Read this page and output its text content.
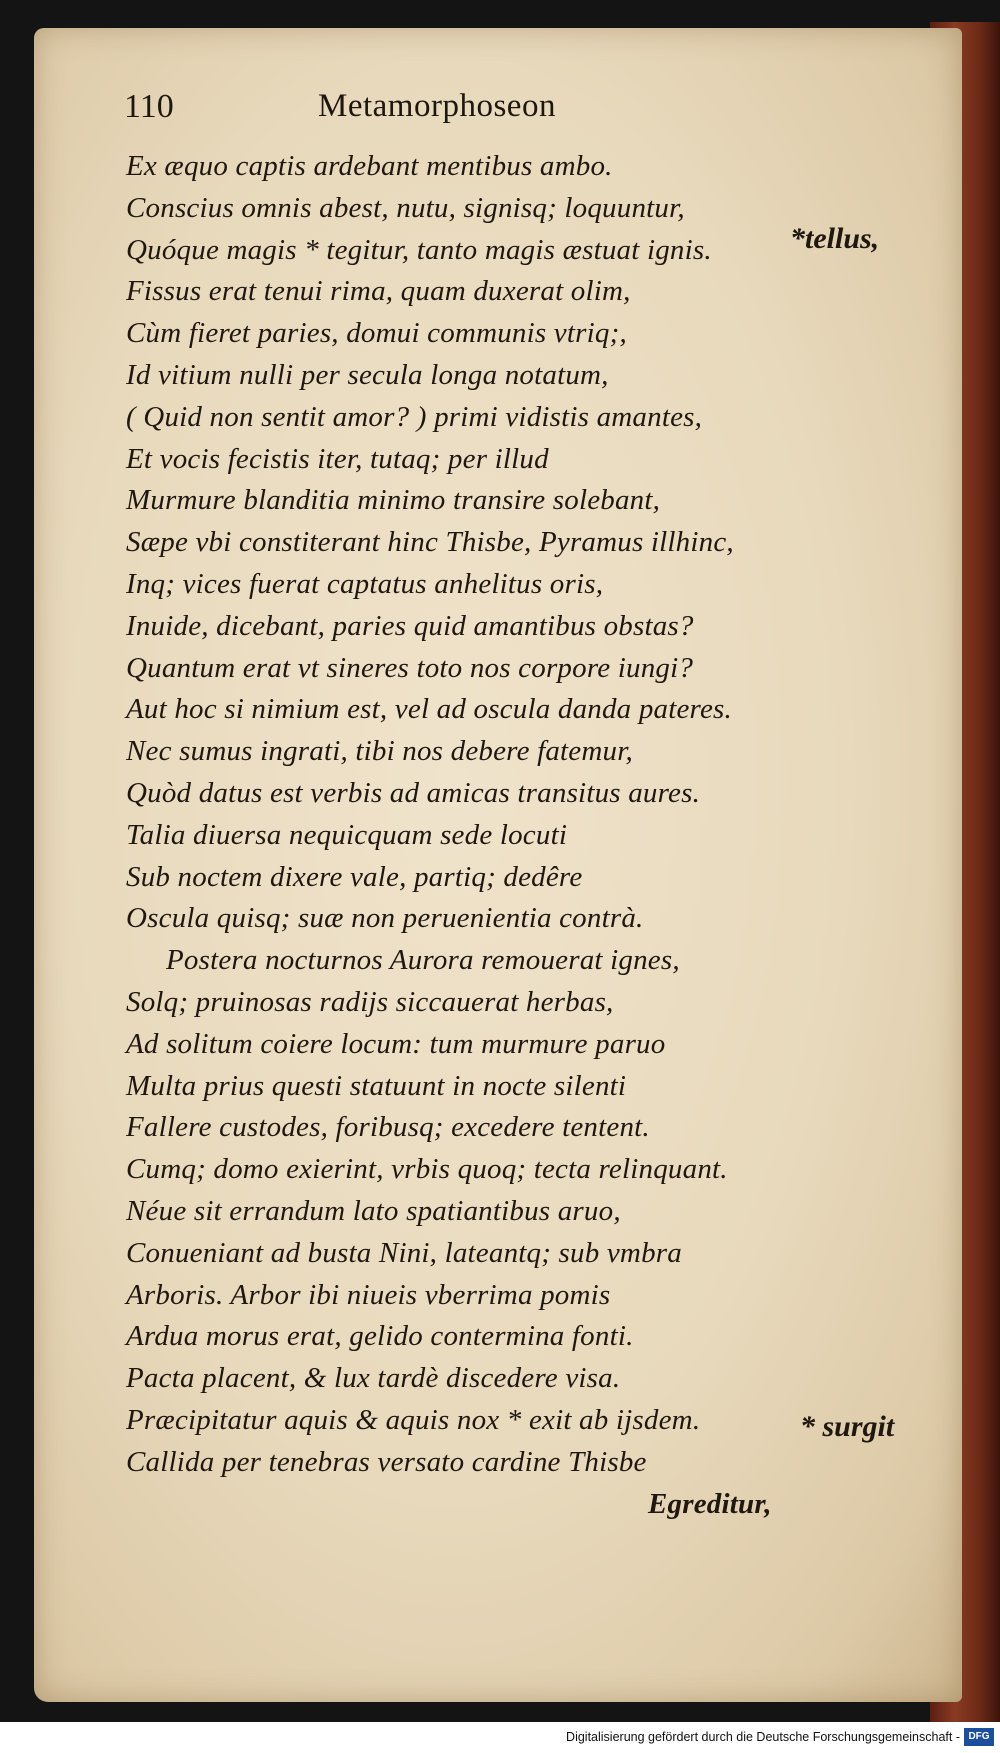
110	Metamorphoseon
Ex æquo captis ardebant mentibus ambo.
Conscius omnis abest, nutu, signisq; loquuntur,
Quóque magis * tegitur, tanto magis æstuat ignis.
Fissus erat tenui rima, quam duxerat olim,
Cùm fieret paries, domui communis vtriq;,
Id vitium nulli per secula longa notatum,
( Quid non sentit amor? ) primi vidistis amantes,
Et vocis fecistis iter, tutaq; per illud
Murmure blanditia minimo transire solebant,
Sæpe vbi constiterant hinc Thisbe, Pyramus illhinc,
Inq; vices fuerat captatus anhelitus oris,
Inuide, dicebant, paries quid amantibus obstas?
Quantum erat vt sineres toto nos corpore iungi?
Aut hoc si nimium est, vel ad oscula danda pateres.
Nec sumus ingrati, tibi nos debere fatemur,
Quòd datus est verbis ad amicas transitus aures.
Talia diuersa nequicquam sede locuti
Sub noctem dixere vale, partiq; dedêre
Oscula quisq; suæ non peruenientia contrà.
Postera nocturnos Aurora remouerat ignes,
Solq; pruinosas radijs siccauerat herbas,
Ad solitum coiere locum: tum murmure paruo
Multa prius questi statuunt in nocte silenti
Fallere custodes, foribusq; excedere tentent.
Cumq; domo exierint, vrbis quoq; tecta relinquant.
Néue sit errandum lato spatiantibus aruo,
Conueniant ad busta Nini, lateantq; sub vmbra
Arboris. Arbor ibi niueis vberrima pomis
Ardua morus erat, gelido contermina fonti.
Pacta placent, & lux tardè discedere visa.
Præcipitatur aquis & aquis nox * exit ab ijsdem.
Callida per tenebras versato cardine Thisbe
Egreditur,
*tellus,
* surgit
Digitalisierung gefördert durch die Deutsche Forschungsgemeinschaft - DFG
